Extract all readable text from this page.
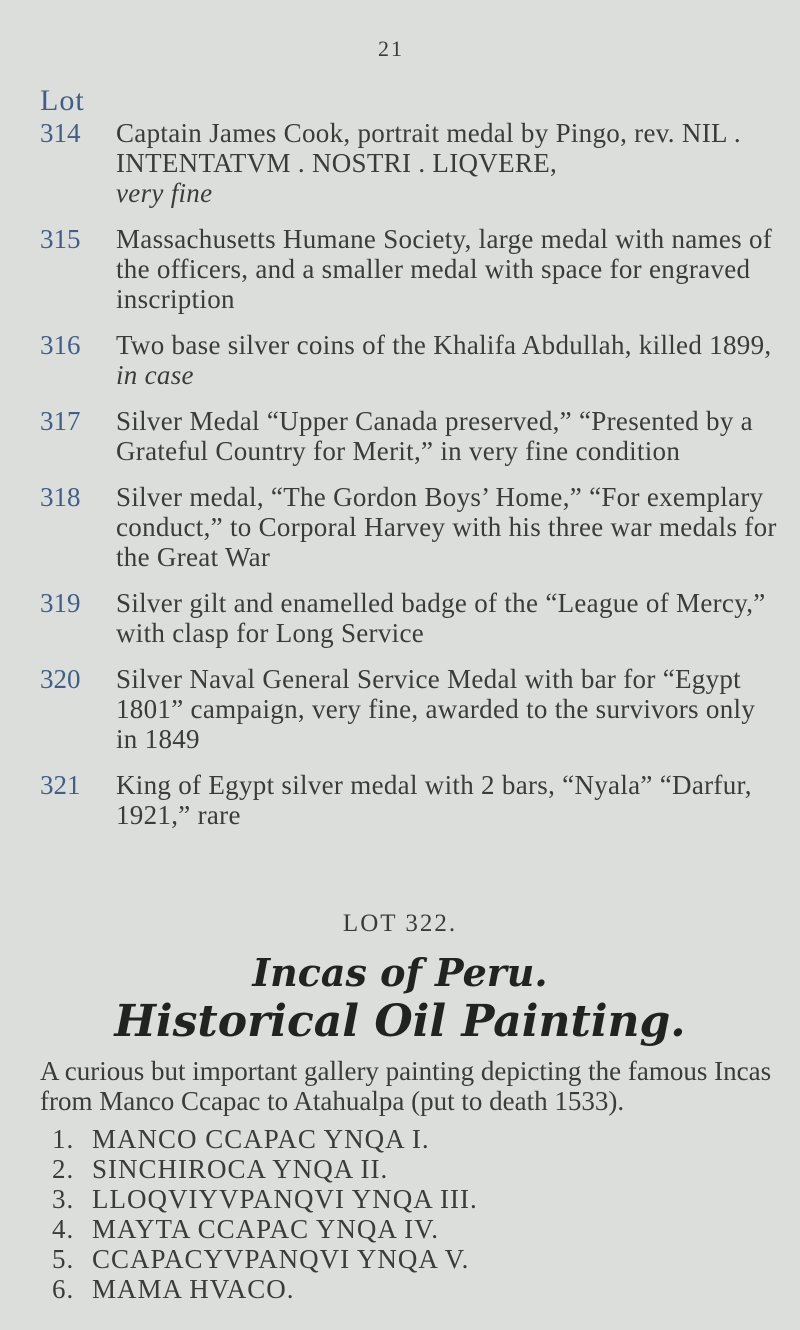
21
Lot
314	Captain James Cook, portrait medal by Pingo, rev. NIL . INTENTATVM . NOSTRI . LIQVERE,
very fine
315	Massachusetts Humane Society, large medal with names of the officers, and a smaller medal with space for engraved inscription
316	Two base silver coins of the Khalifa Abdullah, killed 1899, in case
317	Silver Medal “Upper Canada preserved,” “Presented by a Grateful Country for Merit,” in very fine condition
318	Silver medal, “The Gordon Boys’ Home,” “For exemplary conduct,” to Corporal Harvey with his three war medals for the Great War
319	Silver gilt and enamelled badge of the “League of Mercy,” with clasp for Long Service
320	Silver Naval General Service Medal with bar for “Egypt 1801” campaign, very fine, awarded to the survivors only in 1849
321	King of Egypt silver medal with 2 bars, “Nyala” “Darfur, 1921,” rare
LOT 322.
Incas of Peru.
Historical Oil Painting.
A curious but important gallery painting depicting the famous Incas from Manco Ccapac to Atahualpa (put to death 1533).
1. MANCO CCAPAC YNQA I.
2. SINCHIROCA YNQA II.
3. LLOQVIYVPANQVI YNQA III.
4. MAYTA CCAPAC YNQA IV.
5. CCAPACYVPANQVI YNQA V.
6. MAMA HVACO.
